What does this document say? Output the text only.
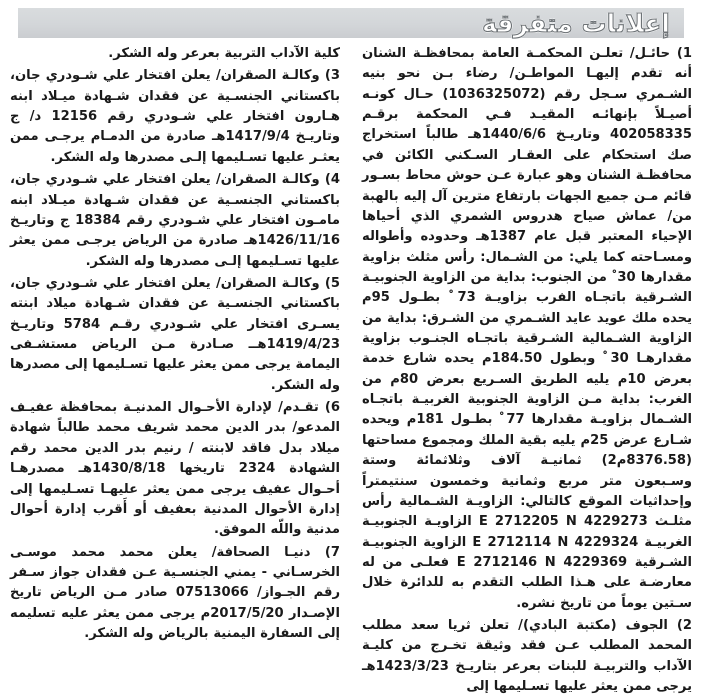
إعلانات متفرقة

1) حائـل/ تعلـن المحكمـة العامة بمحافظـة الشنان أنه تقدم إليهـا المواطـن/ رضاء بـن نحو بنيه الشـمري سـجل رقم (1036325072) حـال كونـه أصيـلاً بإنهائـه المقيـد فـي المحكمة برقـم 402058335 وتاريـخ 1440/6/6هـ طالباً استخراج صك استحكام على العقـار السـكني الكائن في محافظـة الشنان وهو عبارة عـن حوش محاط بسـور قائم مـن جميع الجهات بارتفاع مترين آل إليه بالهبة من/ عماش صياح هدروس الشمري الذي أحياها الإحياء المعتبر قبل عام 1387هـ وحدوده وأطواله ومسـاحته كما يلي: من الشـمال: رأس مثلث بزاوية مقدارها 30 ْ من الجنوب: بداية من الزاوية الجنوبيـة الشـرقية باتجـاه الفرب بزاويـة 73 ْ بطـول 95م يحده ملك عويد عايد الشـمري من الشـرق: بداية من الزاوية الشـمالية الشـرقية باتجـاه الجنـوب بزاوية مقدارهـا 30 ْ وبطول 184.50م يحده شارع خدمة بعرض 10م يليه الطريق السـريع بعرض 80م من الغرب: بداية مـن الزاوية الجنوبية الغربيـة باتجـاه الشـمال بزاويـة مقدارها 77 ْ بطـول 181م ويحده شـارع عرض 25م يليه بقية الملك ومجموع مساحتها (8376.58م2) ثمانيـة آلاف وثلاثمائة وستة وسـبعون متر مربع وثمانية وخمسون سنتيمتراً وإحداثيات الموقع كالتالي: الزاويـة الشـمالية رأس مثلـث 4229273 E 2712205 N الزاويـة الجنوبيـة الغربيـة 4229324 E 2712114 N الزاوية الجنوبيـة الشـرقية 4229369 E 2712146 N فعلـى من له معارضـة على هـذا الطلب التقدم به للدائرة خلال سـتين يوماً من تاريخ نشره.

2) الجوف (مكتبة البادي)/ تعلن ثريا سعد مطلب المحمد المطلب عـن فقد وثيقة تخـرج من كليـة الآداب والتربيـة للبنات بعرعر بتاريـخ 1423/3/23هـ يرجى ممن يعثر عليها تسـليمها إلى

كلية الآداب التربية بعرعر وله الشكر.

3) وكالـة الصقران/ يعلن افتخار علي شـودري جان، باكستاني الجنسـية عن فقدان شـهادة ميـلاد ابنه هـارون افتخار علي شـودري رقم 12156 د/ ج وتاريـخ 1417/9/4هـ صادرة من الدمـام يرجـى ممن يعثـر عليها تسـليمها إلـى مصدرها وله الشكر.

4) وكالـة الصقران/ يعلن افتخار علي شـودري جان، باكستاني الجنسـية عن فقدان شـهادة ميـلاد ابنه مامـون افتخار علي شـودري رقم 18384 ج وتاريـخ 1426/11/16هـ صادرة من الرياض يرجـى ممن يعثر عليها تسـليمها إلـى مصدرها وله الشكر.

5) وكالـة الصقران/ يعلن افتخار علي شـودري جان، باكستاني الجنسـية عن فقدان شـهادة ميلاد ابنته يسـرى افتخار علي شـودري رقـم 5784 وتاريـخ 1419/4/23هــ صـادرة مـن الرياض مستشـفى اليمامة يرجى ممن يعثر عليها تسـليمها إلى مصدرها وله الشكر.

6) تقـدم/ لإدارة الأحـوال المدنيـة بمحافظة عفيـف المدعو/ بدر الدين محمد شريف محمد طالباً شهادة ميلاد بدل فاقد لابنته / رنيم بدر الدين محمد رقم الشهادة 2324 تاريخها 1430/8/18هـ مصدرهـا أحـوال عفيف يرجى ممن يعثر عليهـا تسـليمها إلى إدارة الأحوال المدنية بعفيف أو أَقرب إدارة أحوال مدنية واللّه الموفق.

7) دنيـا الصحافة/ يعلن محمد محمد موسـى الخرسـاني - يمني الجنسـية عـن فقدان جواز سـفر رقم الجـواز/ 07513066 صادر مـن الرياض تاريخ الإصـدار 2017/5/20م يرجى ممن يعثر عليه تسليمه إلى السفارة اليمنية بالرياض وله الشكر.
